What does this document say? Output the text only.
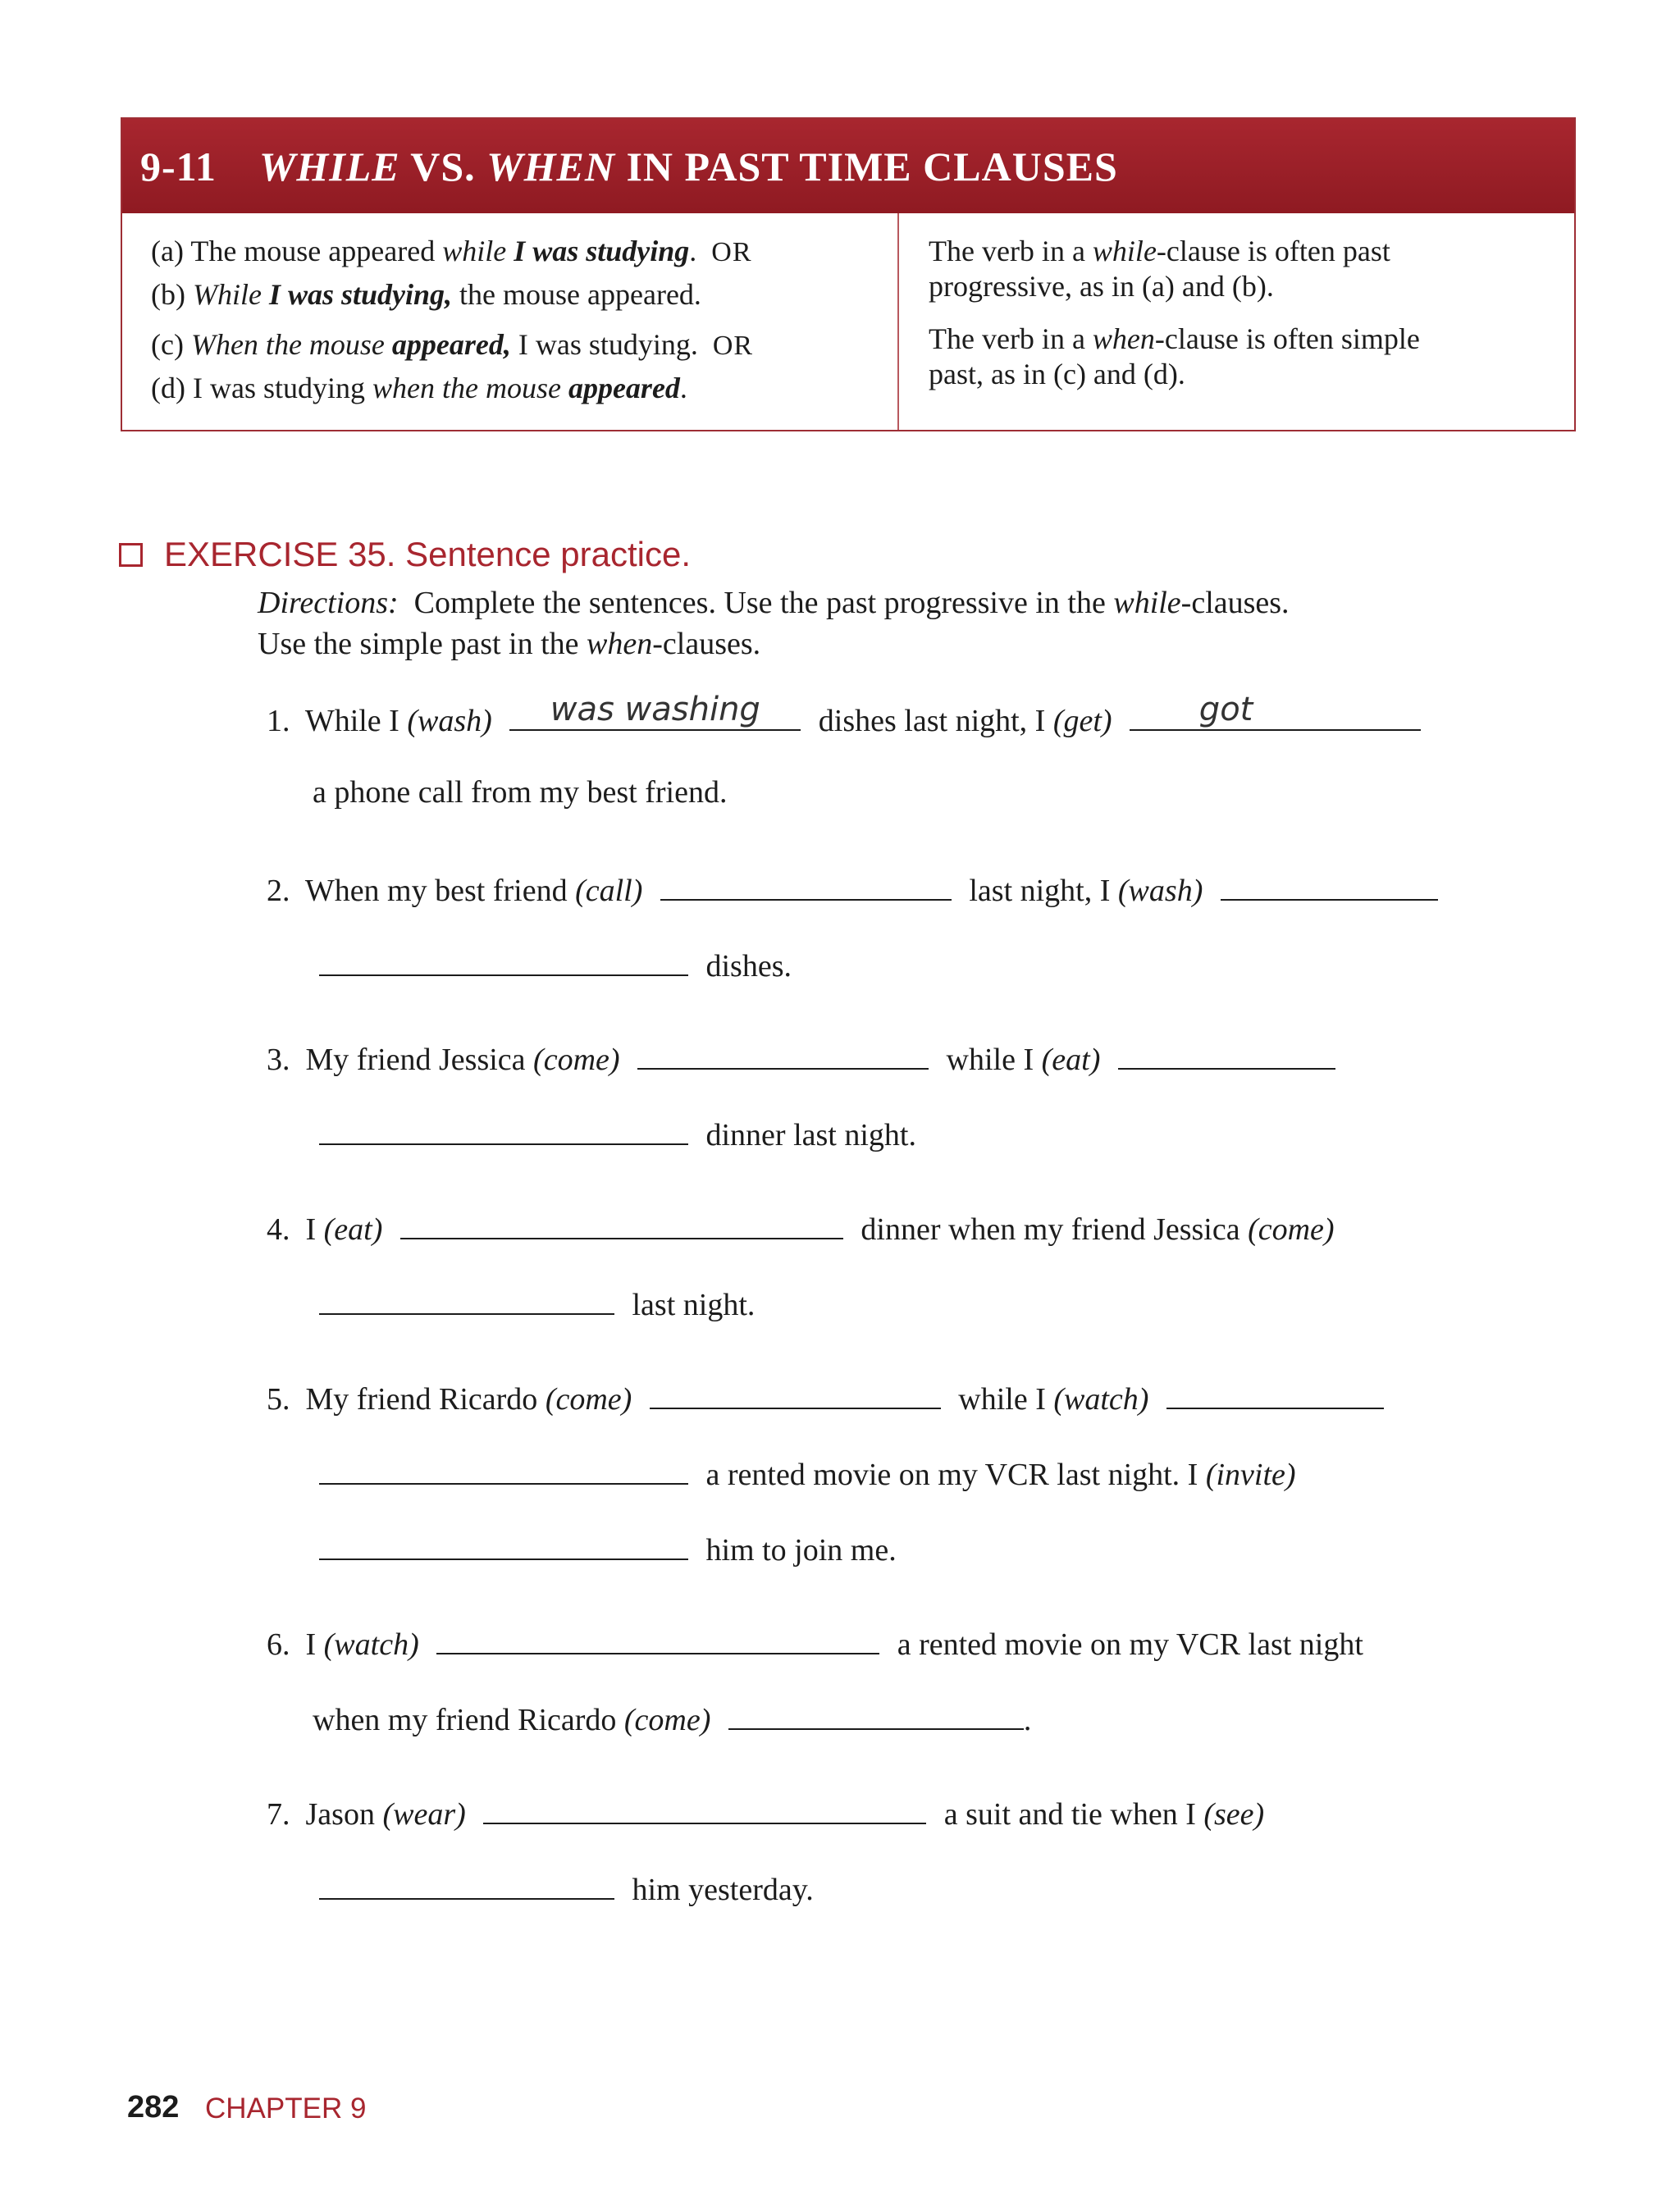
9-11 WHILE VS. WHEN IN PAST TIME CLAUSES
(a) The mouse appeared while I was studying. OR
(b) While I was studying, the mouse appeared.
(c) When the mouse appeared, I was studying. OR
(d) I was studying when the mouse appeared.
The verb in a while-clause is often past
progressive, as in (a) and (b).
The verb in a when-clause is often simple
past, as in (c) and (d).
EXERCISE 35. Sentence practice.
Directions: Complete the sentences. Use the past progressive in the while-clauses.
Use the simple past in the when-clauses.
1. While I (wash)	was washing	dishes last night, I (get)	got
a phone call from my best friend.
2. When my best friend (call)	last night, I (wash)
dishes.
3. My friend Jessica (come)	while I (eat)
dinner last night.
4. I (eat)	dinner when my friend Jessica (come)
last night.
5. My friend Ricardo (come)	while I (watch)
a rented movie on my VCR last night. I (invite)
him to join me.
6. I (watch)	a rented movie on my VCR last night
when my friend Ricardo (come)	.
7. Jason (wear)	a suit and tie when I (see)
him yesterday.
282 CHAPTER 9
